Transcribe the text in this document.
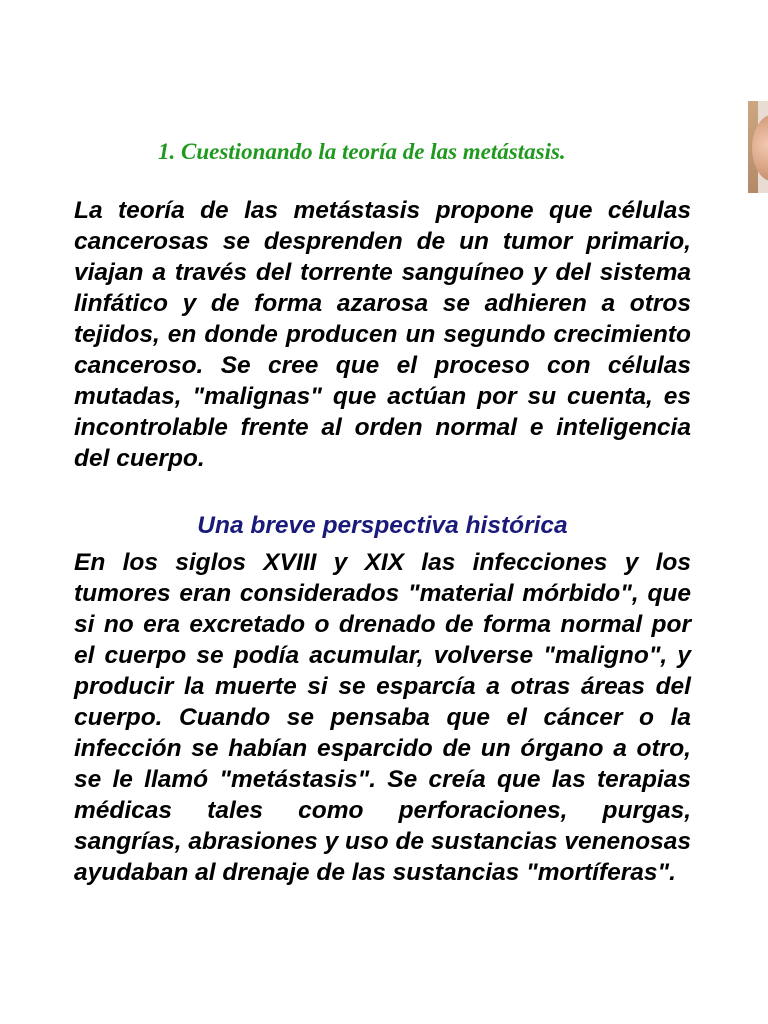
1. Cuestionando la teoría de las metástasis.

La teoría de las metástasis propone que células cancerosas se desprenden de un tumor primario, viajan a través del torrente sanguíneo y del sistema linfático y de forma azarosa se adhieren a otros tejidos, en donde producen un segundo crecimiento canceroso. Se cree que el proceso con células mutadas, "malignas" que actúan por su cuenta, es incontrolable frente al orden normal e inteligencia del cuerpo.

Una breve perspectiva histórica

En los siglos XVIII y XIX las infecciones y los tumores eran considerados "material mórbido", que si no era excretado o drenado de forma normal por el cuerpo se podía acumular, volverse "maligno", y producir la muerte si se esparcía a otras áreas del cuerpo. Cuando se pensaba que el cáncer o la infección se habían esparcido de un órgano a otro, se le llamó "metástasis". Se creía que las terapias médicas tales como perforaciones, purgas, sangrías, abrasiones y uso de sustancias venenosas ayudaban al drenaje de las sustancias "mortíferas".
